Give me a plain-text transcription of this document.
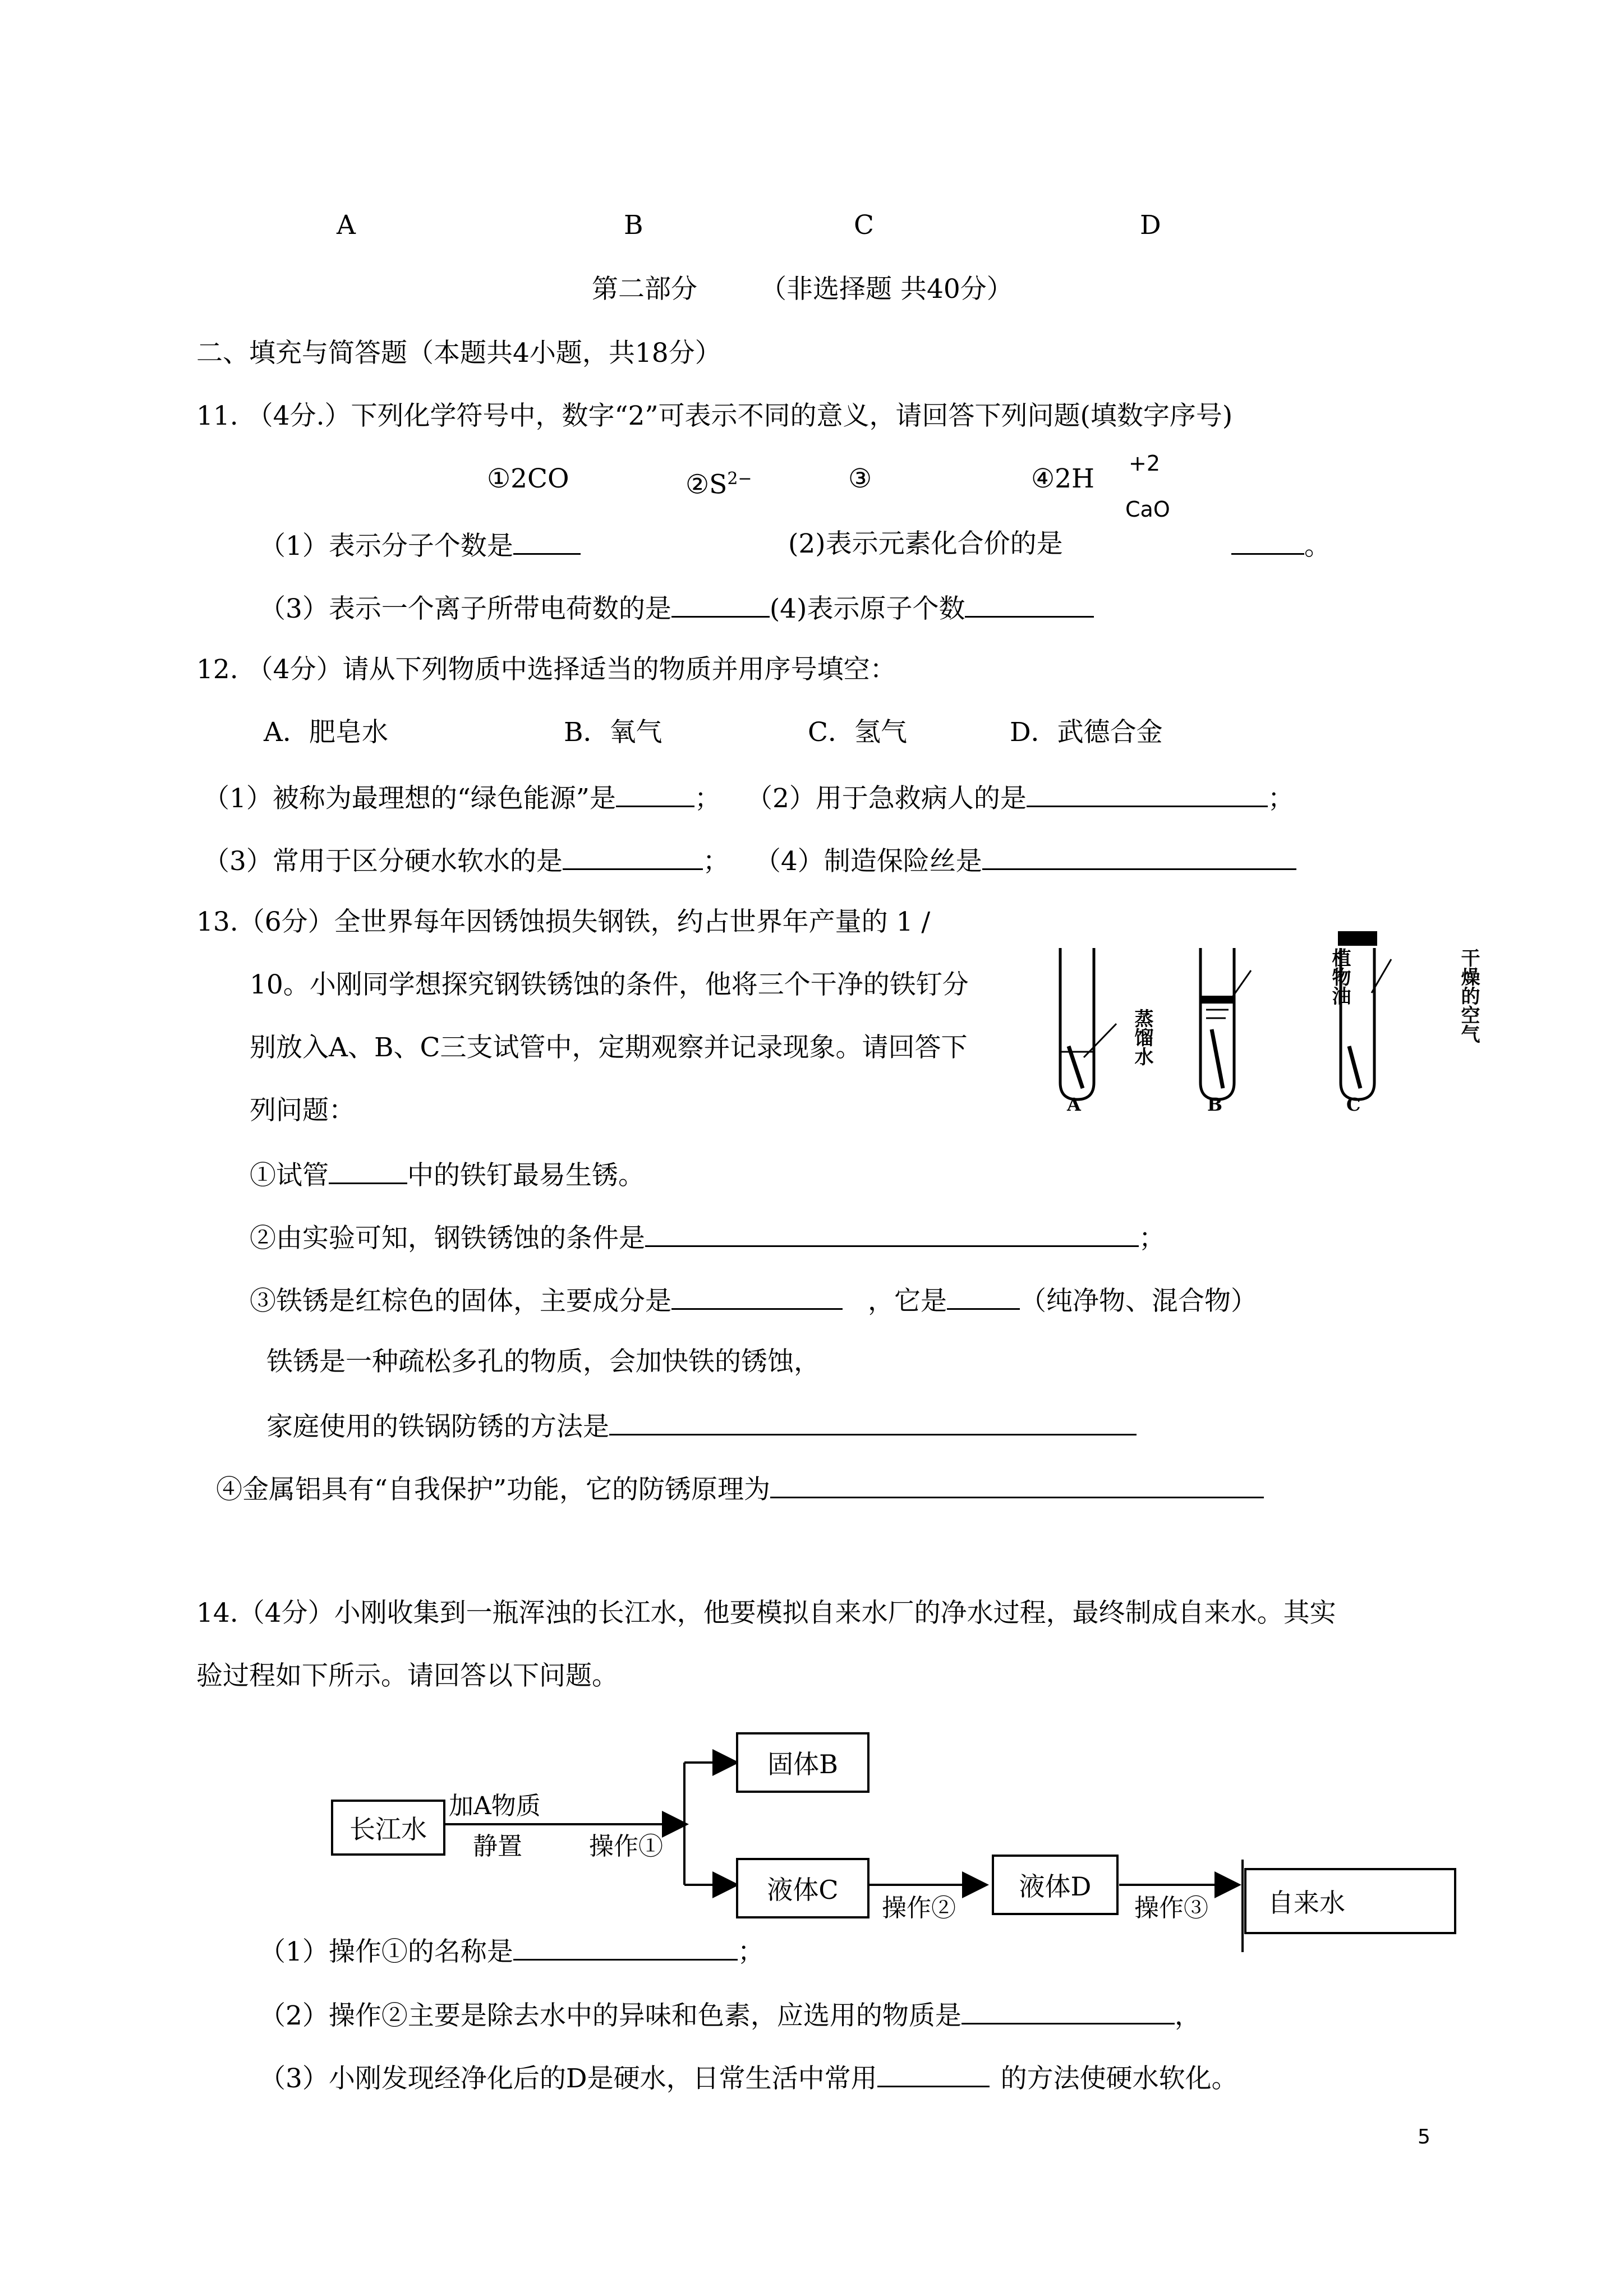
A	B	C	D
第二部分 （非选择题 共40分）
二、填充与简答题（本题共4小题，共18分）
11. （4分.）下列化学符号中，数字“2”可表示不同的意义，请回答下列问题(填数字序号)
①2CO	$②S^{2-}$	③	④2H +2
CaO
（1）表示分子个数是	(2)表示元素化合价的是	。
（3）表示一个离子所带电荷数的是	(4)表示原子个数
12. （4分）请从下列物质中选择适当的物质并用序号填空：
A．肥皂水	B．氧气	C．氢气	D．武德合金
（1）被称为最理想的“绿色能源”是	； （2）用于急救病人的是	；
（3）常用于区分硬水软水的是	； （4）制造保险丝是
13.（6分）全世界每年因锈蚀损失钢铁，约占世界年产量的 1 /
10。小刚同学想探究钢铁锈蚀的条件，他将三个干净的铁钉分
别放入A、B、C三支试管中，定期观察并记录现象。请回答下
列问题：
蒸馏水
植物油	干燥的空气
A	B	C
①试管	中的铁钉最易生锈。
②由实验可知，钢铁锈蚀的条件是	；
③铁锈是红棕色的固体，主要成分是	，它是	（纯净物、混合物）
铁锈是一种疏松多孔的物质，会加快铁的锈蚀，
家庭使用的铁锅防锈的方法是
④金属铝具有“自我保护”功能，它的防锈原理为
14.（4分）小刚收集到一瓶浑浊的长江水，他要模拟自来水厂的净水过程，最终制成自来水。其实
验过程如下所示。请回答以下问题。
长江水
加A物质
静置	操作①
固体B
液体C
操作②
液体D
操作③	自来水
（1）操作①的名称是	；
（2）操作②主要是除去水中的异味和色素，应选用的物质是	，
（3）小刚发现经净化后的D是硬水，日常生活中常用	的方法使硬水软化。
5
